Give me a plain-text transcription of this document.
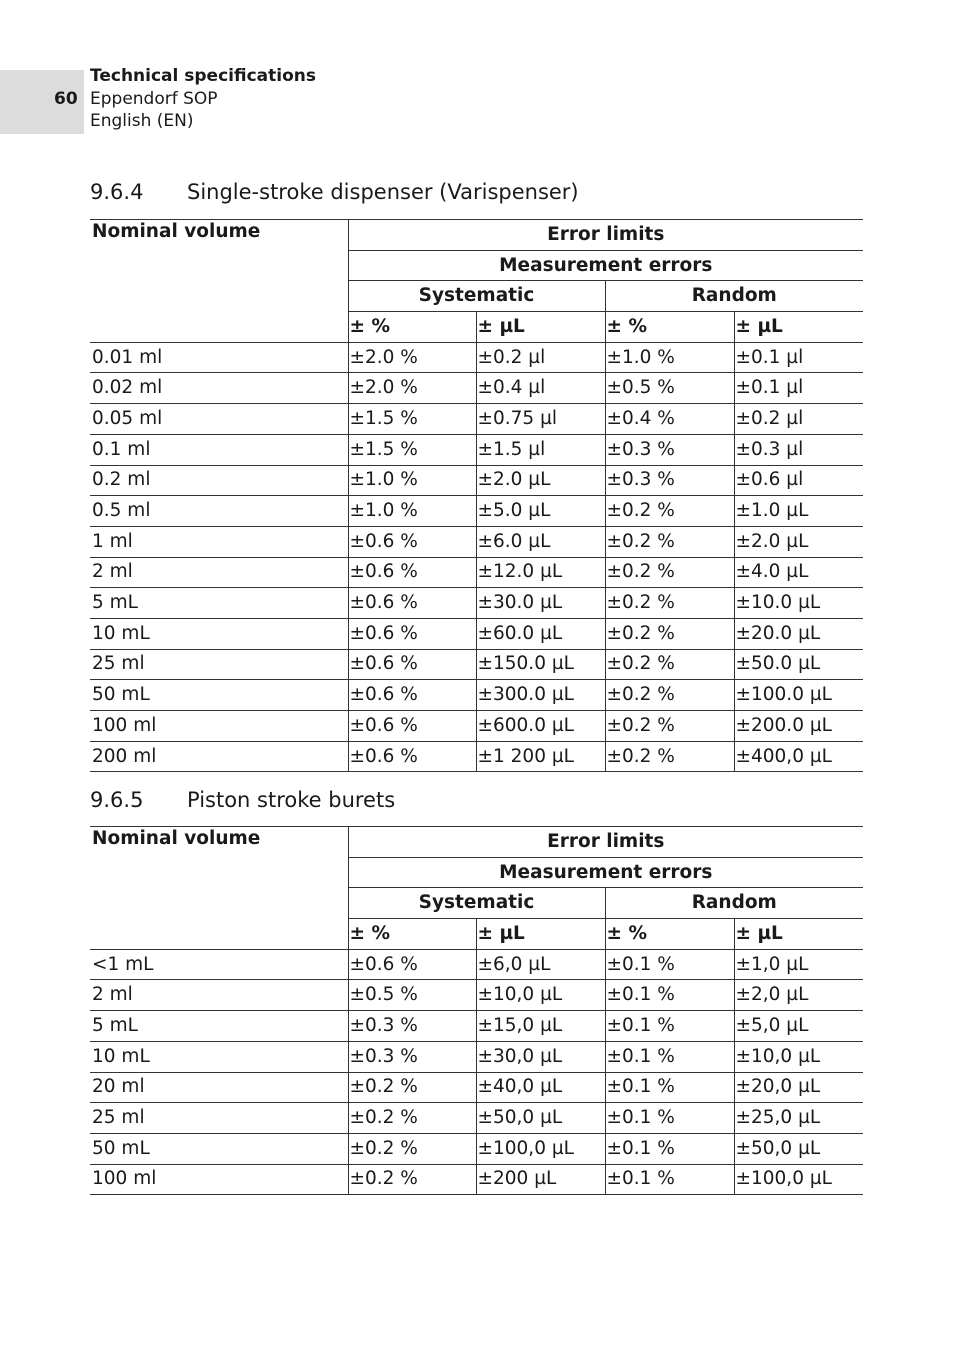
60
Technical specifications
Eppendorf SOP
English (EN)
9.6.4	Single-stroke dispenser (Varispenser)
Nominal volume	Error limits			
	Measurement errors			
	Systematic		Random	
	± %	± µL	± %	± µL
0.01 ml	±2.0 %	±0.2 µl	±1.0 %	±0.1 µl
0.02 ml	±2.0 %	±0.4 µl	±0.5 %	±0.1 µl
0.05 ml	±1.5 %	±0.75 µl	±0.4 %	±0.2 µl
0.1 ml	±1.5 %	±1.5 µl	±0.3 %	±0.3 µl
0.2 ml	±1.0 %	±2.0 µL	±0.3 %	±0.6 µl
0.5 ml	±1.0 %	±5.0 µL	±0.2 %	±1.0 µL
1 ml	±0.6 %	±6.0 µL	±0.2 %	±2.0 µL
2 ml	±0.6 %	±12.0 µL	±0.2 %	±4.0 µL
5 mL	±0.6 %	±30.0 µL	±0.2 %	±10.0 µL
10 mL	±0.6 %	±60.0 µL	±0.2 %	±20.0 µL
25 ml	±0.6 %	±150.0 µL	±0.2 %	±50.0 µL
50 mL	±0.6 %	±300.0 µL	±0.2 %	±100.0 µL
100 ml	±0.6 %	±600.0 µL	±0.2 %	±200.0 µL
200 ml	±0.6 %	±1 200 µL	±0.2 %	±400,0 µL
9.6.5	Piston stroke burets
Nominal volume	Error limits			
	Measurement errors			
	Systematic		Random	
	± %	± µL	± %	± µL
<1 mL	±0.6 %	±6,0 µL	±0.1 %	±1,0 µL
2 ml	±0.5 %	±10,0 µL	±0.1 %	±2,0 µL
5 mL	±0.3 %	±15,0 µL	±0.1 %	±5,0 µL
10 mL	±0.3 %	±30,0 µL	±0.1 %	±10,0 µL
20 ml	±0.2 %	±40,0 µL	±0.1 %	±20,0 µL
25 ml	±0.2 %	±50,0 µL	±0.1 %	±25,0 µL
50 mL	±0.2 %	±100,0 µL	±0.1 %	±50,0 µL
100 ml	±0.2 %	±200 µL	±0.1 %	±100,0 µL
